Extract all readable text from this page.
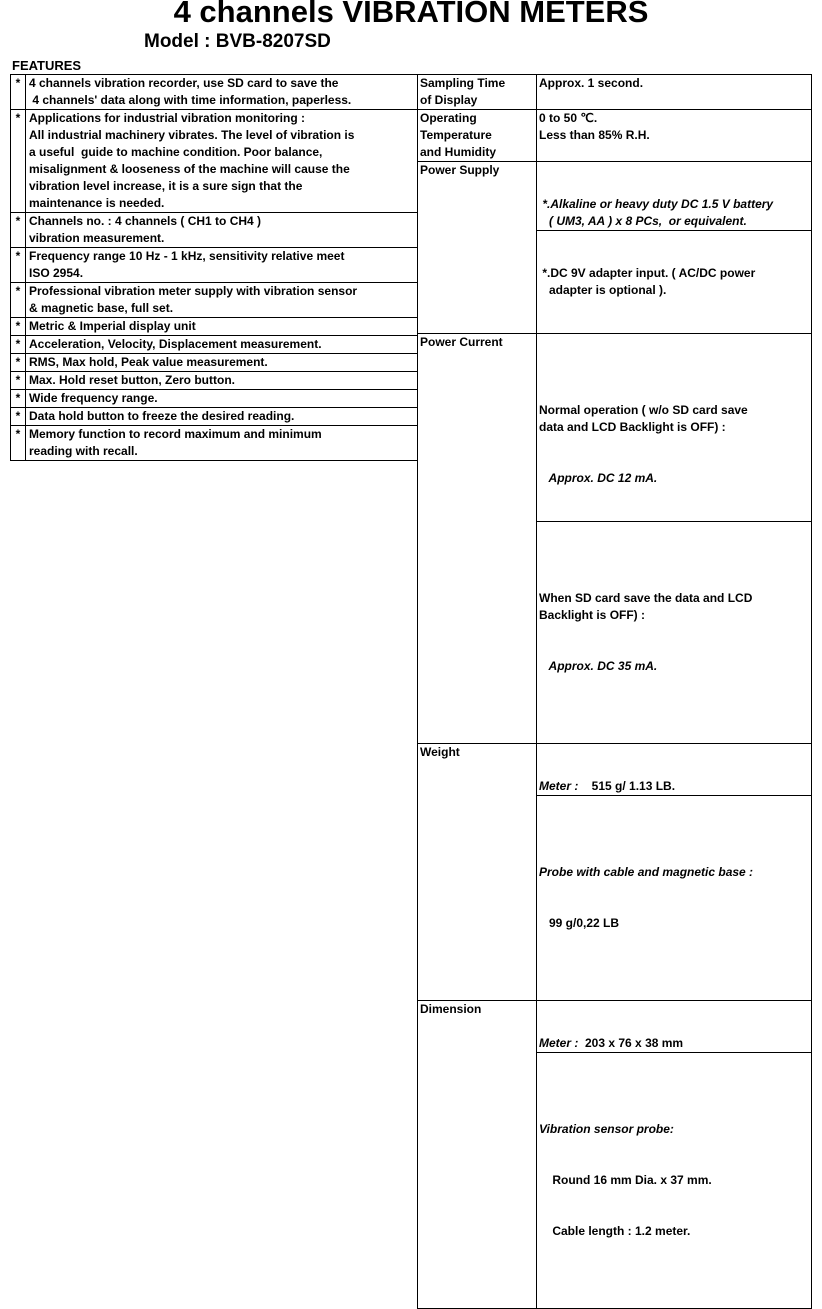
4 channels VIBRATION METERS
Model : BVB-8207SD
FEATURES
* 4 channels vibration recorder, use SD card to save the
4 channels' data along with time information, paperless.
* Applications for industrial vibration monitoring :
All industrial machinery vibrates. The level of vibration is
a useful  guide to machine condition. Poor balance,
misalignment & looseness of the machine will cause the
vibration level increase, it is a sure sign that the
maintenance is needed.
* Channels no. : 4 channels ( CH1 to CH4 )
vibration measurement.
* Frequency range 10 Hz - 1 kHz, sensitivity relative meet
ISO 2954.
* Professional vibration meter supply with vibration sensor
& magnetic base, full set.
* Metric & Imperial display unit
* Acceleration, Velocity, Displacement measurement.
* RMS, Max hold, Peak value measurement.
* Max. Hold reset button, Zero button.
* Wide frequency range.
* Data hold button to freeze the desired reading.
* Memory function to record maximum and minimum
reading with recall.
Sampling Time
of Display
Approx. 1 second.
Operating
Temperature
and Humidity
0 to 50 ℃.
Less than 85% R.H.
Power Supply

*.Alkaline or heavy duty DC 1.5 V battery
( UM3, AA ) x 8 PCs,  or equivalent.

*.DC 9V adapter input. ( AC/DC power
adapter is optional ).

Power Current

Normal operation ( w/o SD card save
data and LCD Backlight is OFF) :

Approx. DC 12 mA.

When SD card save the data and LCD
Backlight is OFF) :

Approx. DC 35 mA.

Weight

Meter :    515 g/ 1.13 LB.

Probe with cable and magnetic base :

99 g/0,22 LB

Dimension

Meter :  203 x 76 x 38 mm

Vibration sensor probe:

Round 16 mm Dia. x 37 mm.

Cable length : 1.2 meter.
